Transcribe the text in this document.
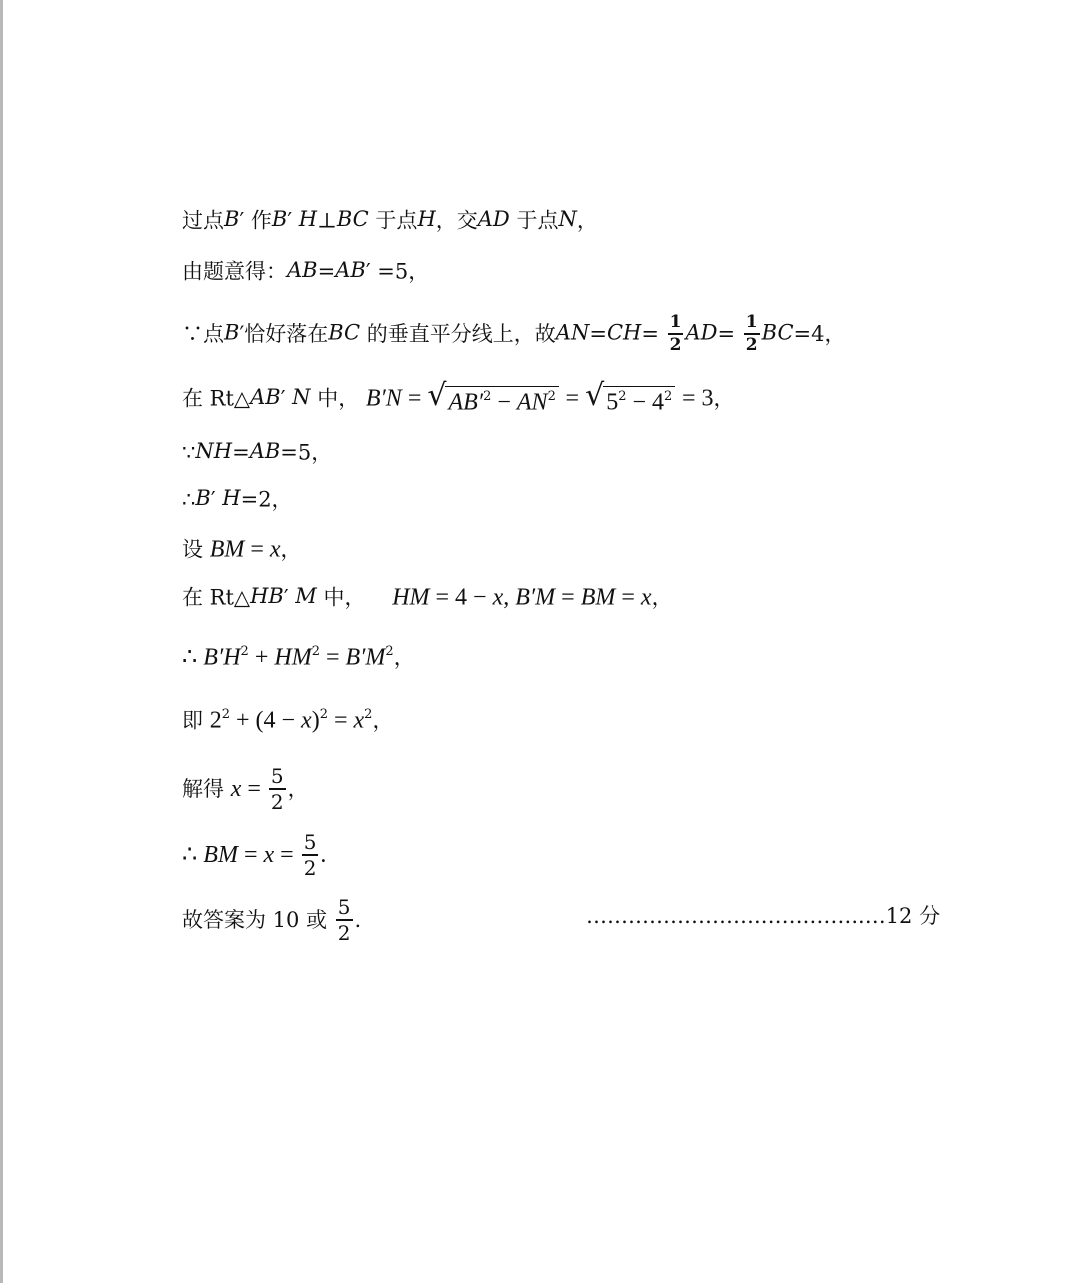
过点B′ 作B′ H⊥BC 于点H，交AD 于点N，
由题意得：AB=AB′ =5，
∵点B′恰好落在BC 的垂直平分线上，故$AN=CH= \frac{1}{2} AD= \frac{1}{2} BC=4$，
在 Rt△AB′ N 中， B′N = √ $AB'^2 - AN^2$ = √ $5^2 - 4^2 = 3$，
∵NH=AB=5，
∴B′ H=2，
设 BM = x，
在 Rt△HB′ M 中，    HM = 4 − x, B′M = BM = x，
∴ $B'H^2 + HM^2 = B'M^2$，
即 $2^2 + (4 - x)^2 = x^2$，
解得 $x = \frac{5}{2}$ ，
∴ BM = $x = \frac{5}{2}$ .
故答案为 10 或 $\frac{5}{2}$ .	…………………….…….……..…12 分
